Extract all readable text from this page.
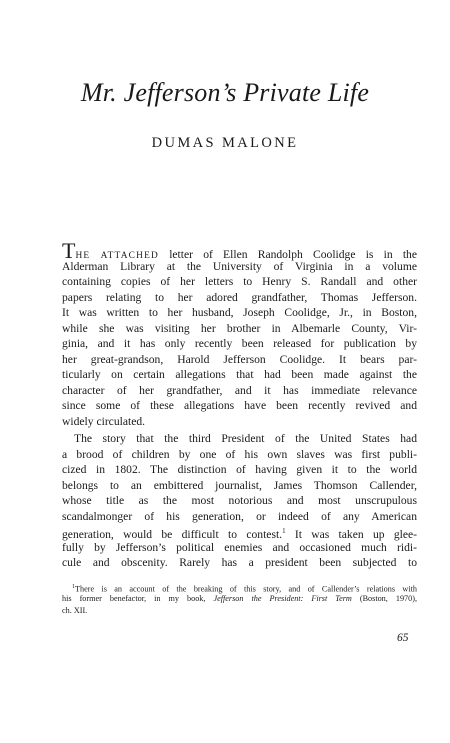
Mr. Jefferson’s Private Life
DUMAS MALONE
THE ATTACHED letter of Ellen Randolph Coolidge is in the
Alderman Library at the University of Virginia in a volume
containing copies of her letters to Henry S. Randall and other
papers relating to her adored grandfather, Thomas Jefferson.
It was written to her husband, Joseph Coolidge, Jr., in Boston,
while she was visiting her brother in Albemarle County, Vir-
ginia, and it has only recently been released for publication by
her great-grandson, Harold Jefferson Coolidge. It bears par-
ticularly on certain allegations that had been made against the
character of her grandfather, and it has immediate relevance
since some of these allegations have been recently revived and
widely circulated.
The story that the third President of the United States had
a brood of children by one of his own slaves was first publi-
cized in 1802. The distinction of having given it to the world
belongs to an embittered journalist, James Thomson Callender,
whose title as the most notorious and most unscrupulous
scandalmonger of his generation, or indeed of any American
generation, would be difficult to contest.$^1$ It was taken up glee-
fully by Jefferson’s political enemies and occasioned much ridi-
cule and obscenity. Rarely has a president been subjected to
$^1$There is an account of the breaking of this story, and of Callender’s relations with
his former benefactor, in my book, Jefferson the President: First Term (Boston, 1970),
ch. XII.
65
